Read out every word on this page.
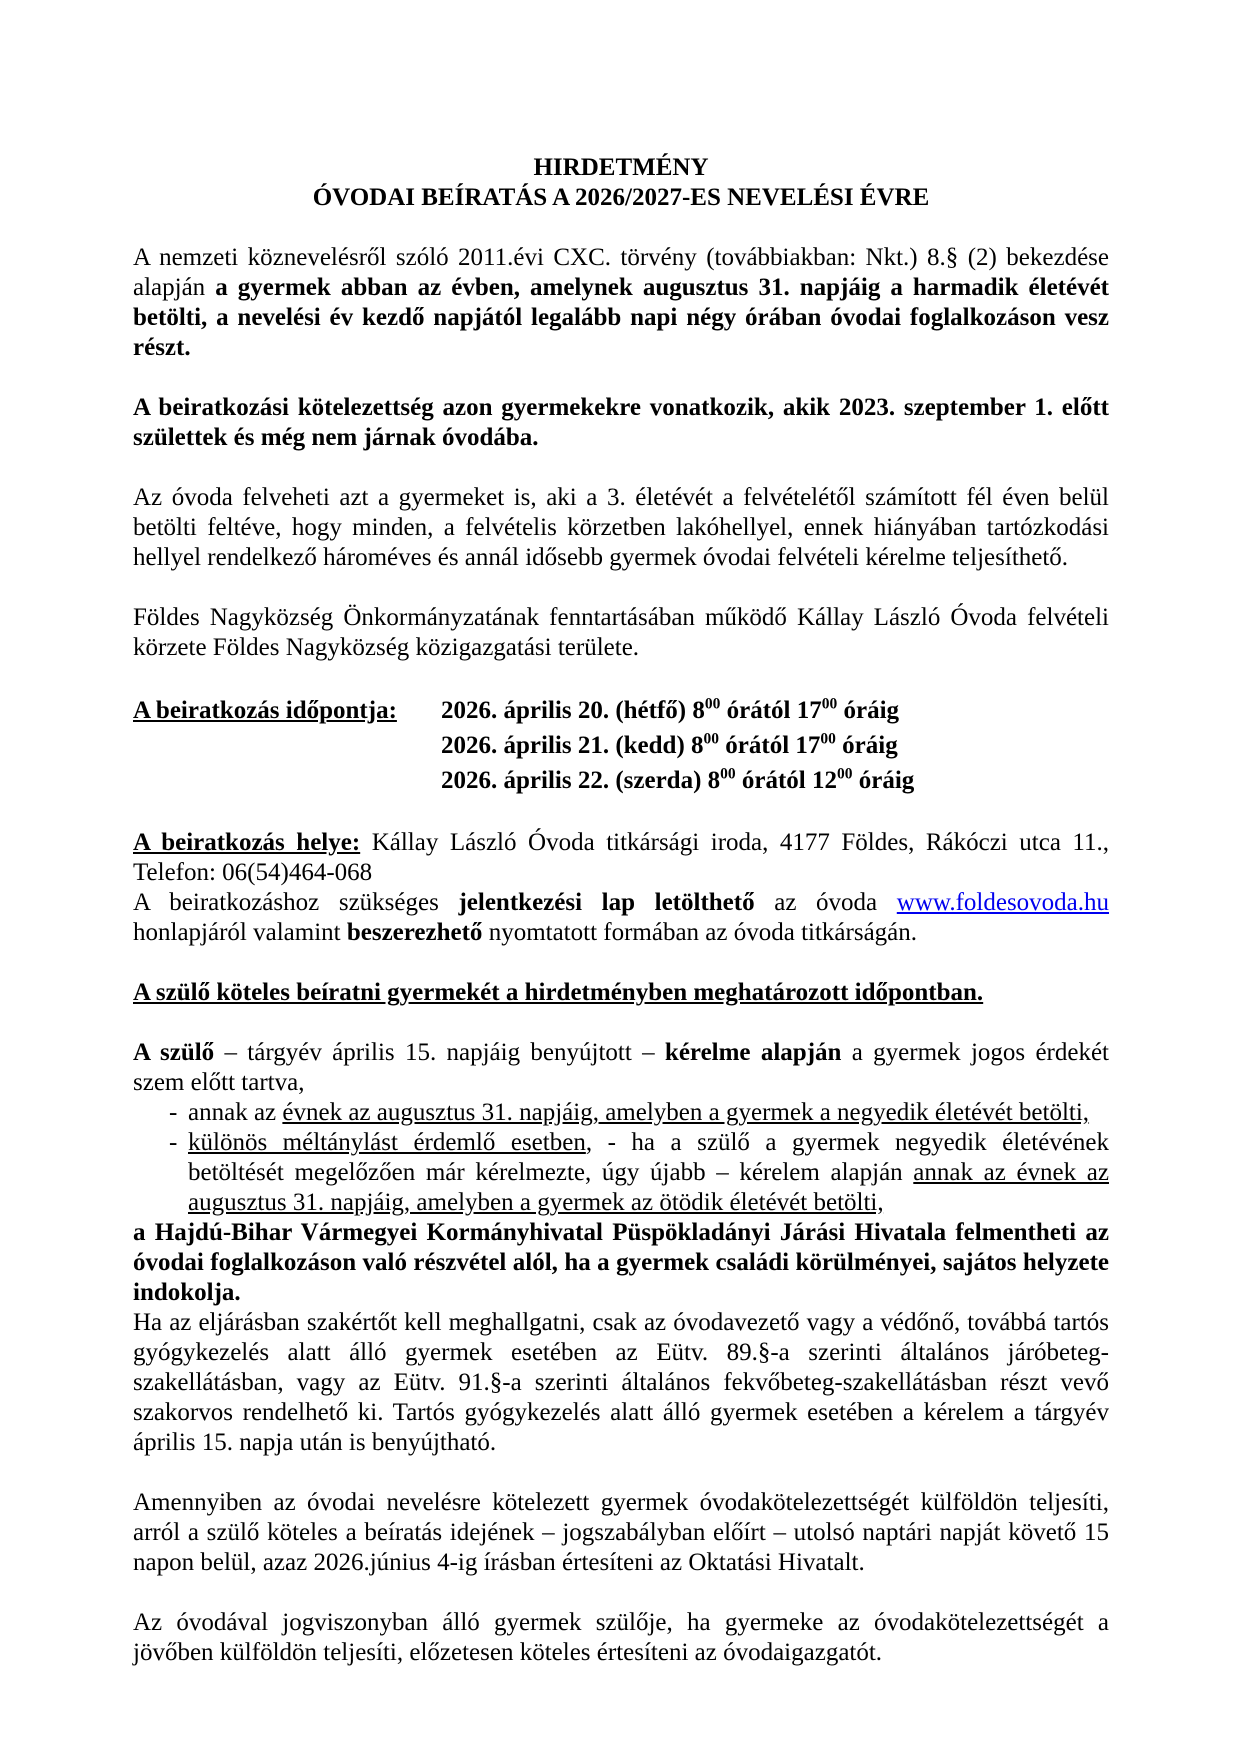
HIRDETMÉNY
ÓVODAI BEÍRATÁS A 2026/2027-ES NEVELÉSI ÉVRE

A nemzeti köznevelésről szóló 2011.évi CXC. törvény (továbbiakban: Nkt.) 8.§ (2) bekezdése alapján a gyermek abban az évben, amelynek augusztus 31. napjáig a harmadik életévét betölti, a nevelési év kezdő napjától legalább napi négy órában óvodai foglalkozáson vesz részt.

A beiratkozási kötelezettség azon gyermekekre vonatkozik, akik 2023. szeptember 1. előtt születtek és még nem járnak óvodába.

Az óvoda felveheti azt a gyermeket is, aki a 3. életévét a felvételétől számított fél éven belül betölti feltéve, hogy minden, a felvételis körzetben lakóhellyel, ennek hiányában tartózkodási hellyel rendelkező hároméves és annál idősebb gyermek óvodai felvételi kérelme teljesíthető.

Földes Nagyközség Önkormányzatának fenntartásában működő Kállay László Óvoda felvételi körzete Földes Nagyközség közigazgatási területe.

A beiratkozás időpontja:	2026. április 20. (hétfő) $8^{00}$ órától $17^{00}$ óráig
2026. április 21. (kedd) $8^{00}$ órától $17^{00}$ óráig
2026. április 22. (szerda) $8^{00}$ órától $12^{00}$ óráig

A beiratkozás helye: Kállay László Óvoda titkársági iroda, 4177 Földes, Rákóczi utca 11., Telefon: 06(54)464-068

A beiratkozáshoz szükséges jelentkezési lap letölthető az óvoda www.foldesovoda.hu honlapjáról valamint beszerezhető nyomtatott formában az óvoda titkárságán.

A szülő köteles beíratni gyermekét a hirdetményben meghatározott időpontban.

A szülő – tárgyév április 15. napjáig benyújtott – kérelme alapján a gyermek jogos érdekét szem előtt tartva,

- annak az évnek az augusztus 31. napjáig, amelyben a gyermek a negyedik életévét betölti,
- különös méltánylást érdemlő esetben, - ha a szülő a gyermek negyedik életévének betöltését megelőzően már kérelmezte, úgy újabb – kérelem alapján annak az évnek az augusztus 31. napjáig, amelyben a gyermek az ötödik életévét betölti,

a Hajdú-Bihar Vármegyei Kormányhivatal Püspökladányi Járási Hivatala felmentheti az óvodai foglalkozáson való részvétel alól, ha a gyermek családi körülményei, sajátos helyzete indokolja.

Ha az eljárásban szakértőt kell meghallgatni, csak az óvodavezető vagy a védőnő, továbbá tartós gyógykezelés alatt álló gyermek esetében az Eütv. 89.§-a szerinti általános járóbeteg-szakellátásban, vagy az Eütv. 91.§-a szerinti általános fekvőbeteg-szakellátásban részt vevő szakorvos rendelhető ki. Tartós gyógykezelés alatt álló gyermek esetében a kérelem a tárgyév április 15. napja után is benyújtható.

Amennyiben az óvodai nevelésre kötelezett gyermek óvodakötelezettségét külföldön teljesíti, arról a szülő köteles a beíratás idejének – jogszabályban előírt – utolsó naptári napját követő 15 napon belül, azaz 2026.június 4-ig írásban értesíteni az Oktatási Hivatalt.

Az óvodával jogviszonyban álló gyermek szülője, ha gyermeke az óvodakötelezettségét a jövőben külföldön teljesíti, előzetesen köteles értesíteni az óvodaigazgatót.
